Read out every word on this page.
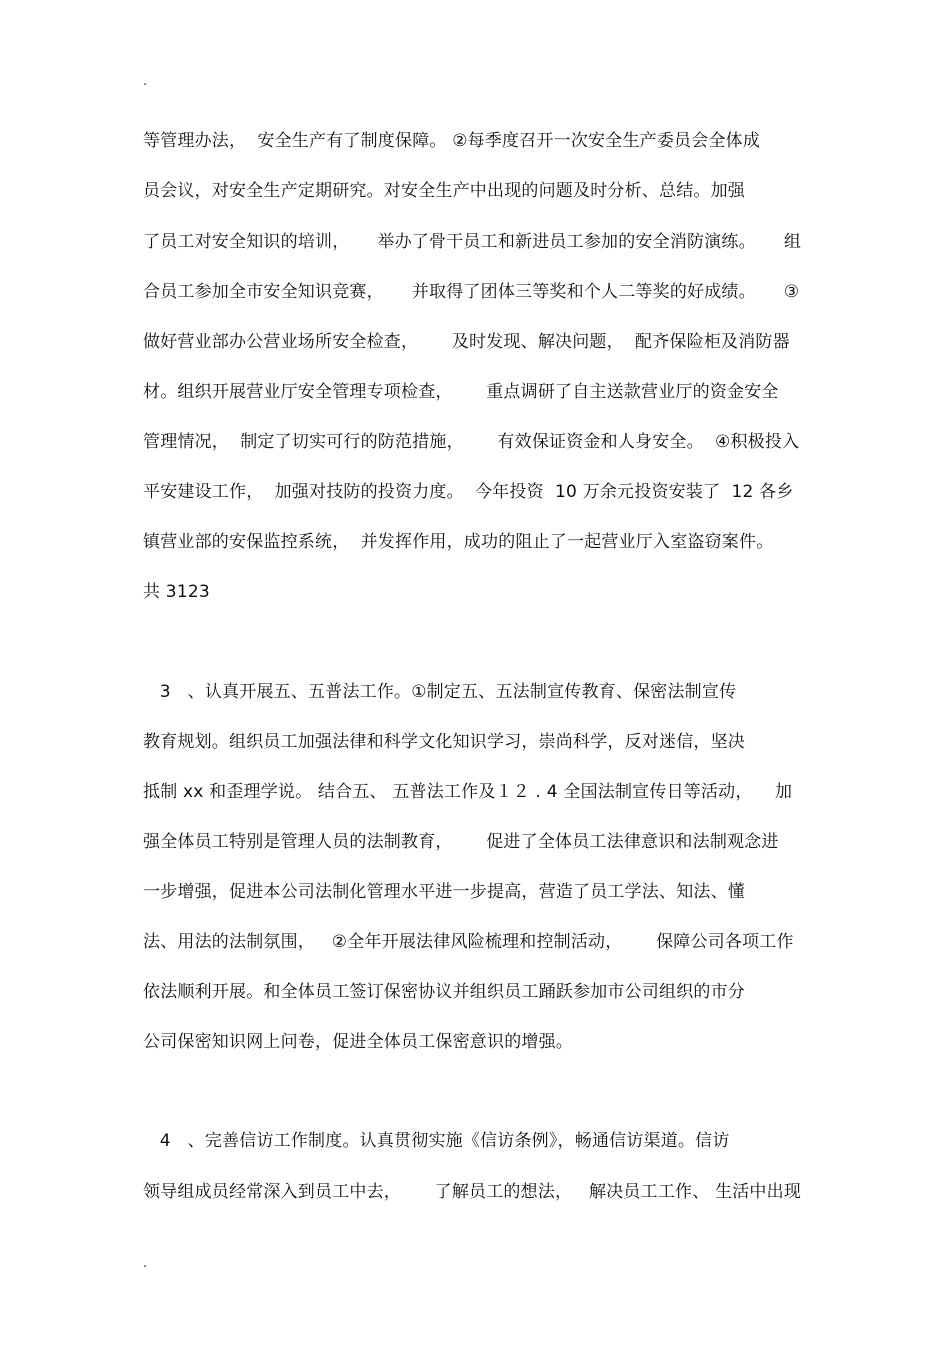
.
等管理办法，  安全生产有了制度保障。 ②每季度召开一次安全生产委员会全体成
员会议，对安全生产定期研究。对安全生产中出现的问题及时分析、总结。加强
了员工对安全知识的培训，     举办了骨干员工和新进员工参加的安全消防演练。     组
合员工参加全市安全知识竞赛，     并取得了团体三等奖和个人二等奖的好成绩。     ③
做好营业部办公营业场所安全检查，      及时发现、解决问题，  配齐保险柜及消防器
材。组织开展营业厅安全管理专项检查，      重点调研了自主送款营业厅的资金安全
管理情况，  制定了切实可行的防范措施，      有效保证资金和人身安全。  ④积极投入
平安建设工作，  加强对技防的投资力度。  今年投资  10 万余元投资安装了  12 各乡
镇营业部的安保监控系统，  并发挥作用，成功的阻止了一起营业厅入室盗窃案件。
共 3123
3   、认真开展五、五普法工作。①制定五、五法制宣传教育、保密法制宣传
教育规划。组织员工加强法律和科学文化知识学习，崇尚科学，反对迷信，坚决
抵制 xx 和歪理学说。 结合五、 五普法工作及１２ . 4 全国法制宣传日等活动，    加
强全体员工特别是管理人员的法制教育，      促进了全体员工法律意识和法制观念进
一步增强，促进本公司法制化管理水平进一步提高，营造了员工学法、知法、懂
法、用法的法制氛围，   ②全年开展法律风险梳理和控制活动，      保障公司各项工作
依法顺利开展。和全体员工签订保密协议并组织员工踊跃参加市公司组织的市分
公司保密知识网上问卷，促进全体员工保密意识的增强。
4   、完善信访工作制度。认真贯彻实施《信访条例》，畅通信访渠道。信访
领导组成员经常深入到员工中去，      了解员工的想法，   解决员工工作、 生活中出现
.
